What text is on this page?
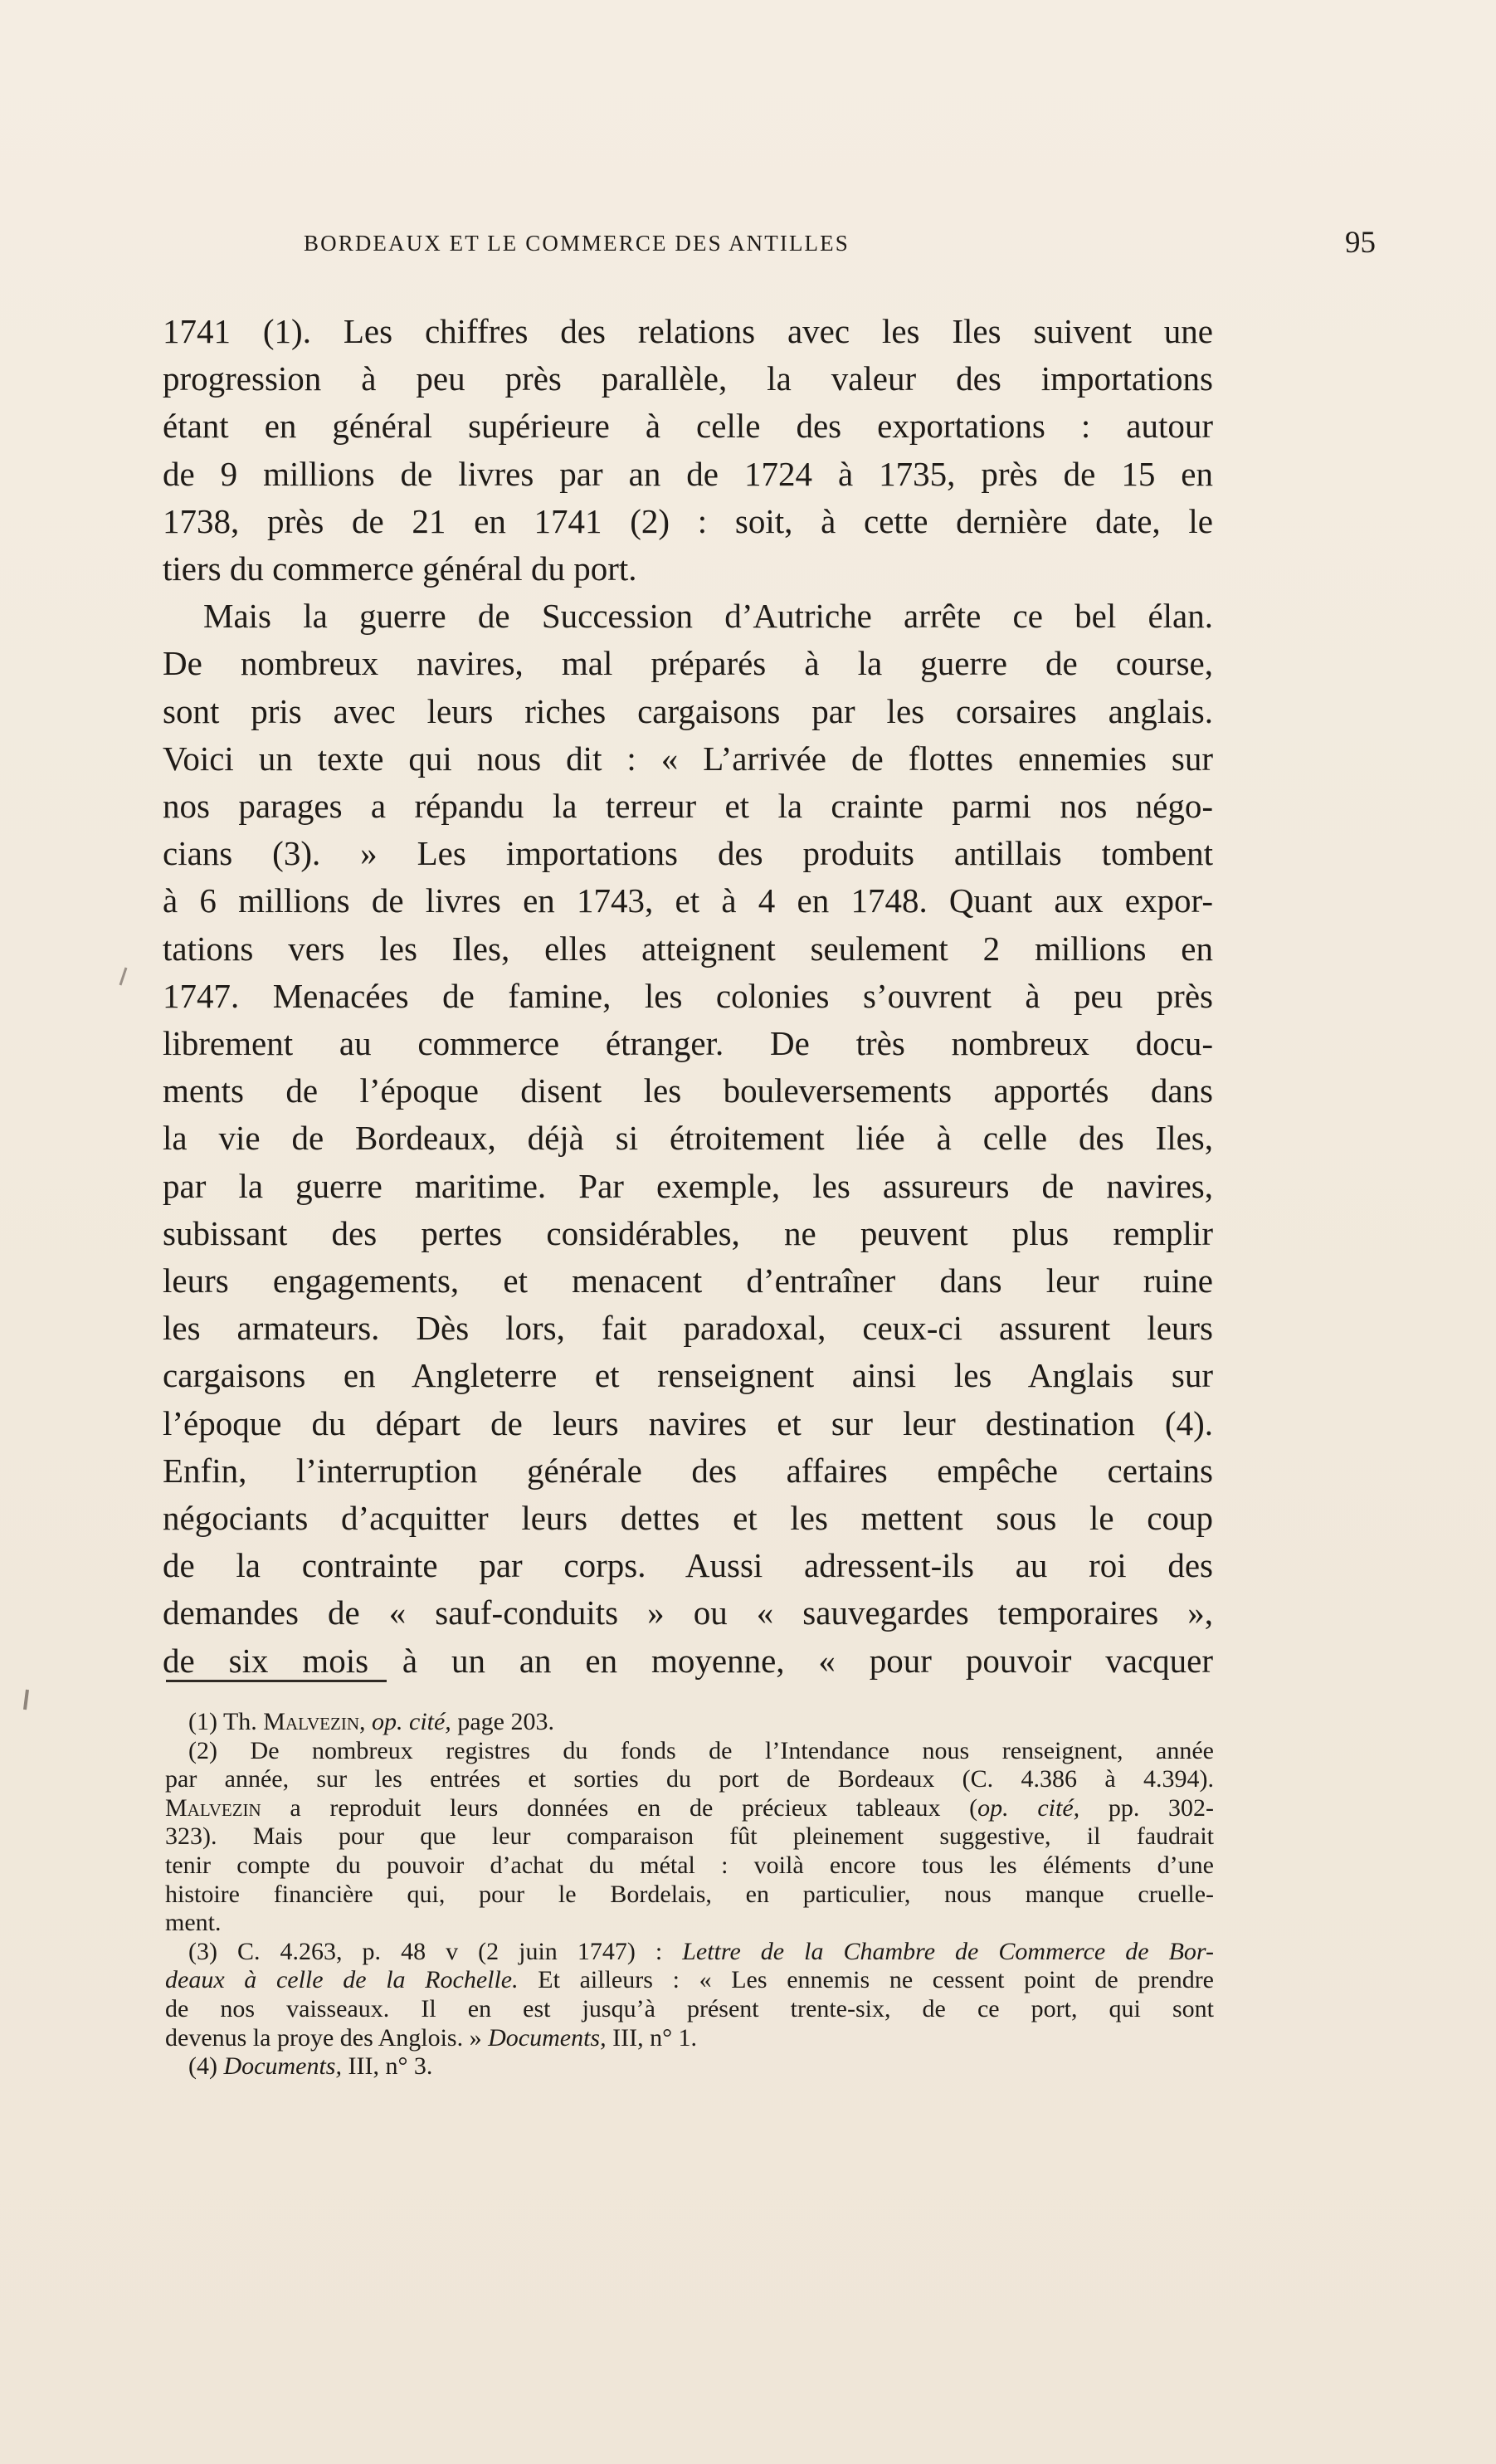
BORDEAUX ET LE COMMERCE DES ANTILLES	95
1741 (1). Les chiffres des relations avec les Iles suivent une
progression à peu près parallèle, la valeur des importations
étant en général supérieure à celle des exportations : autour
de 9 millions de livres par an de 1724 à 1735, près de 15 en
1738, près de 21 en 1741 (2) : soit, à cette dernière date, le
tiers du commerce général du port.
Mais la guerre de Succession d’Autriche arrête ce bel élan.
De nombreux navires, mal préparés à la guerre de course,
sont pris avec leurs riches cargaisons par les corsaires anglais.
Voici un texte qui nous dit : « L’arrivée de flottes ennemies sur
nos parages a répandu la terreur et la crainte parmi nos négo-
cians (3). » Les importations des produits antillais tombent
à 6 millions de livres en 1743, et à 4 en 1748. Quant aux expor-
tations vers les Iles, elles atteignent seulement 2 millions en
1747. Menacées de famine, les colonies s’ouvrent à peu près
librement au commerce étranger. De très nombreux docu-
ments de l’époque disent les bouleversements apportés dans
la vie de Bordeaux, déjà si étroitement liée à celle des Iles,
par la guerre maritime. Par exemple, les assureurs de navires,
subissant des pertes considérables, ne peuvent plus remplir
leurs engagements, et menacent d’entraîner dans leur ruine
les armateurs. Dès lors, fait paradoxal, ceux-ci assurent leurs
cargaisons en Angleterre et renseignent ainsi les Anglais sur
l’époque du départ de leurs navires et sur leur destination (4).
Enfin, l’interruption générale des affaires empêche certains
négociants d’acquitter leurs dettes et les mettent sous le coup
de la contrainte par corps. Aussi adressent-ils au roi des
demandes de « sauf-conduits » ou « sauvegardes temporaires »,
de six mois à un an en moyenne, « pour pouvoir vacquer
(1) Th. Malvezin, op. cité, page 203.
(2) De nombreux registres du fonds de l’Intendance nous renseignent, année
par année, sur les entrées et sorties du port de Bordeaux (C. 4.386 à 4.394).
Malvezin a reproduit leurs données en de précieux tableaux (op. cité, pp. 302-
323). Mais pour que leur comparaison fût pleinement suggestive, il faudrait
tenir compte du pouvoir d’achat du métal : voilà encore tous les éléments d’une
histoire financière qui, pour le Bordelais, en particulier, nous manque cruelle-
ment.
(3) C. 4.263, p. 48 v (2 juin 1747) : Lettre de la Chambre de Commerce de Bor-
deaux à celle de la Rochelle. Et ailleurs : « Les ennemis ne cessent point de prendre
de nos vaisseaux. Il en est jusqu’à présent trente-six, de ce port, qui sont
devenus la proye des Anglois. » Documents, III, n° 1.
(4) Documents, III, n° 3.
